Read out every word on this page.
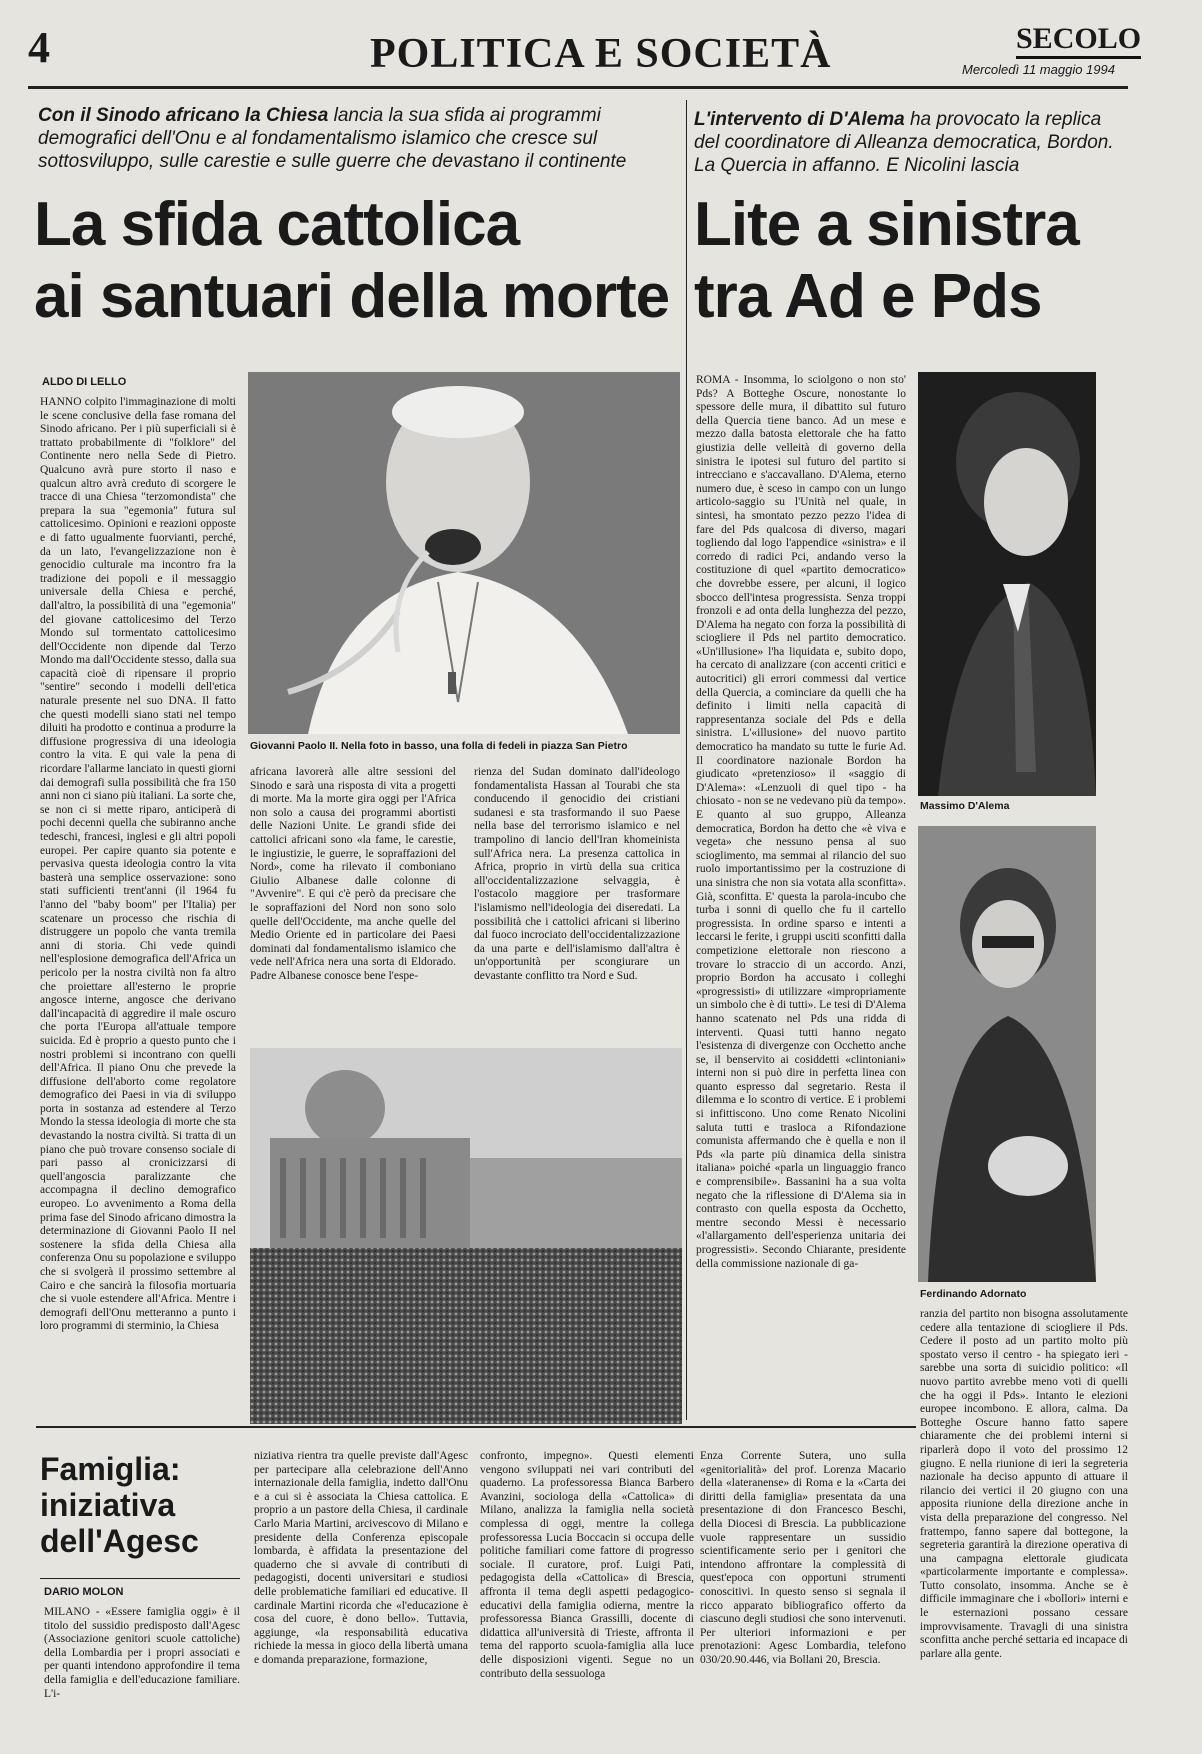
4	POLITICA E SOCIETÀ	SECOLO
Mercoledì 11 maggio 1994
Con il Sinodo africano la Chiesa lancia la sua sfida ai programmi demografici dell'Onu e al fondamentalismo islamico che cresce sul sottosviluppo, sulle carestie e sulle guerre che devastano il continente
La sfida cattolica
ai santuari della morte
ALDO DI LELLO
HANNO colpito l'immaginazione di molti le scene conclusive della fase romana del Sinodo africano. Per i più superficiali si è trattato probabilmente di "folklore" del Continente nero nella Sede di Pietro. Qualcuno avrà pure storto il naso e qualcun altro avrà creduto di scorgere le tracce di una Chiesa "terzomondista" che prepara la sua "egemonia" futura sul cattolicesimo. Opinioni e reazioni opposte e di fatto ugualmente fuorvianti, perché, da un lato, l'evangelizzazione non è genocidio culturale ma incontro fra la tradizione dei popoli e il messaggio universale della Chiesa e perché, dall'altro, la possibilità di una "egemonia" del giovane cattolicesimo del Terzo Mondo sul tormentato cattolicesimo dell'Occidente non dipende dal Terzo Mondo ma dall'Occidente stesso, dalla sua capacità cioè di ripensare il proprio "sentire" secondo i modelli dell'etica naturale presente nel suo DNA. Il fatto che questi modelli siano stati nel tempo diluiti ha prodotto e continua a produrre la diffusione progressiva di una ideologia contro la vita. E qui vale la pena di ricordare l'allarme lanciato in questi giorni dai demografi sulla possibilità che fra 150 anni non ci siano più italiani. La sorte che, se non ci si mette riparo, anticiperà di pochi decenni quella che subiranno anche tedeschi, francesi, inglesi e gli altri popoli europei. Per capire quanto sia potente e pervasiva questa ideologia contro la vita basterà una semplice osservazione: sono stati sufficienti trent'anni (il 1964 fu l'anno del "baby boom" per l'Italia) per scatenare un processo che rischia di distruggere un popolo che vanta tremila anni di storia. Chi vede quindi nell'esplosione demografica dell'Africa un pericolo per la nostra civiltà non fa altro che proiettare all'esterno le proprie angosce interne, angosce che derivano dall'incapacità di aggredire il male oscuro che porta l'Europa all'attuale tempore suicida. Ed è proprio a questo punto che i nostri problemi si incontrano con quelli dell'Africa. Il piano Onu che prevede la diffusione dell'aborto come regolatore demografico dei Paesi in via di sviluppo porta in sostanza ad estendere al Terzo Mondo la stessa ideologia di morte che sta devastando la nostra civiltà. Si tratta di un piano che può trovare consenso sociale di pari passo al cronicizzarsi di quell'angoscia paralizzante che accompagna il declino demografico europeo. Lo avvenimento a Roma della prima fase del Sinodo africano dimostra la determinazione di Giovanni Paolo II nel sostenere la sfida della Chiesa alla conferenza Onu su popolazione e sviluppo che si svolgerà il prossimo settembre al Cairo e che sancirà la filosofia mortuaria che si vuole estendere all'Africa. Mentre i demografi dell'Onu metteranno a punto i loro programmi di sterminio, la Chiesa
Giovanni Paolo II. Nella foto in basso, una folla di fedeli in piazza San Pietro
africana lavorerà alle altre sessioni del Sinodo e sarà una risposta di vita a progetti di morte. Ma la morte gira oggi per l'Africa non solo a causa dei programmi abortisti delle Nazioni Unite. Le grandi sfide dei cattolici africani sono «la fame, le carestie, le ingiustizie, le guerre, le sopraffazioni del Nord», come ha rilevato il comboniano Giulio Albanese dalle colonne di "Avvenire". E qui c'è però da precisare che le sopraffazioni del Nord non sono solo quelle dell'Occidente, ma anche quelle del Medio Oriente ed in particolare dei Paesi dominati dal fondamentalismo islamico che vede nell'Africa nera una sorta di Eldorado. Padre Albanese conosce bene l'espe-
rienza del Sudan dominato dall'ideologo fondamentalista Hassan al Tourabi che sta conducendo il genocidio dei cristiani sudanesi e sta trasformando il suo Paese nella base del terrorismo islamico e nel trampolino di lancio dell'Iran khomeinista sull'Africa nera. La presenza cattolica in Africa, proprio in virtù della sua critica all'occidentalizzazione selvaggia, è l'ostacolo maggiore per trasformare l'islamismo nell'ideologia dei diseredati. La possibilità che i cattolici africani si liberino dal fuoco incrociato dell'occidentalizzazione da una parte e dell'islamismo dall'altra è un'opportunità per scongiurare un devastante conflitto tra Nord e Sud.
L'intervento di D'Alema ha provocato la replica del coordinatore di Alleanza democratica, Bordon. La Quercia in affanno. E Nicolini lascia
Lite a sinistra
tra Ad e Pds
ROMA - Insomma, lo sciolgono o non sto' Pds? A Botteghe Oscure, nonostante lo spessore delle mura, il dibattito sul futuro della Quercia tiene banco. Ad un mese e mezzo dalla batosta elettorale che ha fatto giustizia delle velleità di governo della sinistra le ipotesi sul futuro del partito si intrecciano e s'accavallano. D'Alema, eterno numero due, è sceso in campo con un lungo articolo-saggio su l'Unità nel quale, in sintesi, ha smontato pezzo pezzo l'idea di fare del Pds qualcosa di diverso, magari togliendo dal logo l'appendice «sinistra» e il corredo di radici Pci, andando verso la costituzione di quel «partito democratico» che dovrebbe essere, per alcuni, il logico sbocco dell'intesa progressista. Senza troppi fronzoli e ad onta della lunghezza del pezzo, D'Alema ha negato con forza la possibilità di sciogliere il Pds nel partito democratico. «Un'illusione» l'ha liquidata e, subito dopo, ha cercato di analizzare (con accenti critici e autocritici) gli errori commessi dal vertice della Quercia, a cominciare da quelli che ha definito i limiti nella capacità di rappresentanza sociale del Pds e della sinistra. L'«illusione» del nuovo partito democratico ha mandato su tutte le furie Ad. Il coordinatore nazionale Bordon ha giudicato «pretenzioso» il «saggio di D'Alema»: «Lenzuoli di quel tipo - ha chiosato - non se ne vedevano più da tempo». E quanto al suo gruppo, Alleanza democratica, Bordon ha detto che «è viva e vegeta» che nessuno pensa al suo scioglimento, ma semmai al rilancio del suo ruolo importantissimo per la costruzione di una sinistra che non sia votata alla sconfitta». Già, sconfitta. E' questa la parola-incubo che turba i sonni di quello che fu il cartello progressista. In ordine sparso e intenti a leccarsi le ferite, i gruppi usciti sconfitti dalla competizione elettorale non riescono a trovare lo straccio di un accordo. Anzi, proprio Bordon ha accusato i colleghi «progressisti» di utilizzare «impropriamente un simbolo che è di tutti». Le tesi di D'Alema hanno scatenato nel Pds una ridda di interventi. Quasi tutti hanno negato l'esistenza di divergenze con Occhetto anche se, il benservito ai cosiddetti «clintoniani» interni non si può dire in perfetta linea con quanto espresso dal segretario. Resta il dilemma e lo scontro di vertice. E i problemi si infittiscono. Uno come Renato Nicolini saluta tutti e trasloca a Rifondazione comunista affermando che è quella e non il Pds «la parte più dinamica della sinistra italiana» poiché «parla un linguaggio franco e comprensibile». Bassanini ha a sua volta negato che la riflessione di D'Alema sia in contrasto con quella esposta da Occhetto, mentre secondo Messi è necessario «l'allargamento dell'esperienza unitaria dei progressisti». Secondo Chiarante, presidente della commissione nazionale di ga-
Massimo D'Alema
Ferdinando Adornato
ranzia del partito non bisogna assolutamente cedere alla tentazione di sciogliere il Pds. Cedere il posto ad un partito molto più spostato verso il centro - ha spiegato ieri - sarebbe una sorta di suicidio politico: «Il nuovo partito avrebbe meno voti di quelli che ha oggi il Pds». Intanto le elezioni europee incombono. E allora, calma. Da Botteghe Oscure hanno fatto sapere chiaramente che dei problemi interni si riparlerà dopo il voto del prossimo 12 giugno. E nella riunione di ieri la segreteria nazionale ha deciso appunto di attuare il rilancio dei vertici il 20 giugno con una apposita riunione della direzione anche in vista della preparazione del congresso. Nel frattempo, fanno sapere dal bottegone, la segreteria garantirà la direzione operativa di una campagna elettorale giudicata «particolarmente importante e complessa». Tutto consolato, insomma. Anche se è difficile immaginare che i «bollori» interni e le esternazioni possano cessare improvvisamente. Travagli di una sinistra sconfitta anche perché settaria ed incapace di parlare alla gente.
Famiglia:
iniziativa
dell'Agesc
DARIO MOLON
MILANO - «Essere famiglia oggi» è il titolo del sussidio predisposto dall'Agesc (Associazione genitori scuole cattoliche) della Lombardia per i propri associati e per quanti intendono approfondire il tema della famiglia e dell'educazione familiare. L'i-
niziativa rientra tra quelle previste dall'Agesc per partecipare alla celebrazione dell'Anno internazionale della famiglia, indetto dall'Onu e a cui si è associata la Chiesa cattolica. E proprio a un pastore della Chiesa, il cardinale Carlo Maria Martini, arcivescovo di Milano e presidente della Conferenza episcopale lombarda, è affidata la presentazione del quaderno che si avvale di contributi di pedagogisti, docenti universitari e studiosi delle problematiche familiari ed educative. Il cardinale Martini ricorda che «l'educazione è cosa del cuore, è dono bello». Tuttavia, aggiunge, «la responsabilità educativa richiede la messa in gioco della libertà umana e domanda preparazione, formazione,
confronto, impegno». Questi elementi vengono sviluppati nei vari contributi del quaderno. La professoressa Bianca Barbero Avanzini, sociologa della «Cattolica» di Milano, analizza la famiglia nella società complessa di oggi, mentre la collega professoressa Lucia Boccacin si occupa delle politiche familiari come fattore di progresso sociale. Il curatore, prof. Luigi Pati, pedagogista della «Cattolica» di Brescia, affronta il tema degli aspetti pedagogico-educativi della famiglia odierna, mentre la professoressa Bianca Grassilli, docente di didattica all'università di Trieste, affronta il tema del rapporto scuola-famiglia alla luce delle disposizioni vigenti. Segue no un contributo della sessuologa
Enza Corrente Sutera, uno sulla «genitorialità» del prof. Lorenza Macario della «lateranense» di Roma e la «Carta dei diritti della famiglia» presentata da una presentazione di don Francesco Beschi, della Diocesi di Brescia. La pubblicazione vuole rappresentare un sussidio scientificamente serio per i genitori che intendono affrontare la complessità di quest'epoca con opportuni strumenti conoscitivi. In questo senso si segnala il ricco apparato bibliografico offerto da ciascuno degli studiosi che sono intervenuti. Per ulteriori informazioni e per prenotazioni: Agesc Lombardia, telefono 030/20.90.446, via Bollani 20, Brescia.
